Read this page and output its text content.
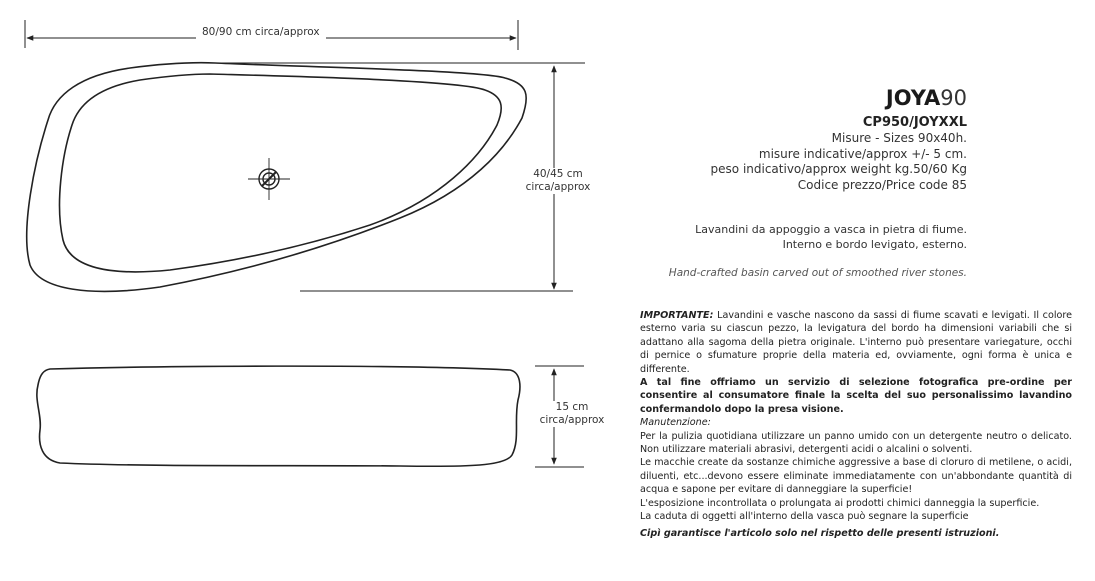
80/90 cm circa/approx
40/45 cm
circa/approx
15 cm
circa/approx
JOYA90
CP950/JOYXXL
Misure - Sizes 90x40h.
misure indicative/approx +/- 5 cm.
peso indicativo/approx weight kg.50/60 Kg
Codice prezzo/Price code 85
Lavandini da appoggio a vasca in pietra di fiume.
Interno e bordo levigato, esterno.
Hand-crafted basin carved out of smoothed river stones.

IMPORTANTE: Lavandini e vasche nascono da sassi di fiume scavati e levigati. Il colore esterno varia su ciascun pezzo, la levigatura del bordo ha dimensioni variabili che si adattano alla sagoma della pietra originale. L'interno può presentare variegature, occhi di pernice o sfumature proprie della materia ed, ovviamente, ogni forma è unica e differente.

A tal fine offriamo un servizio di selezione fotografica pre-ordine per consentire al consumatore finale la scelta del suo personalissimo lavandino confermandolo dopo la presa visione.

Manutenzione:

Per la pulizia quotidiana utilizzare un panno umido con un detergente neutro o delicato. Non utilizzare materiali abrasivi, detergenti acidi o alcalini o solventi.

Le macchie create da sostanze chimiche aggressive a base di cloruro di metilene, o acidi, diluenti, etc...devono essere eliminate immediatamente con un'abbondante quantità di acqua e sapone per evitare di danneggiare la superficie!

L'esposizione incontrollata o prolungata ai prodotti chimici danneggia la superficie.

La caduta di oggetti all'interno della vasca può segnare la superficie

Cipì garantisce l'articolo solo nel rispetto delle presenti istruzioni.
